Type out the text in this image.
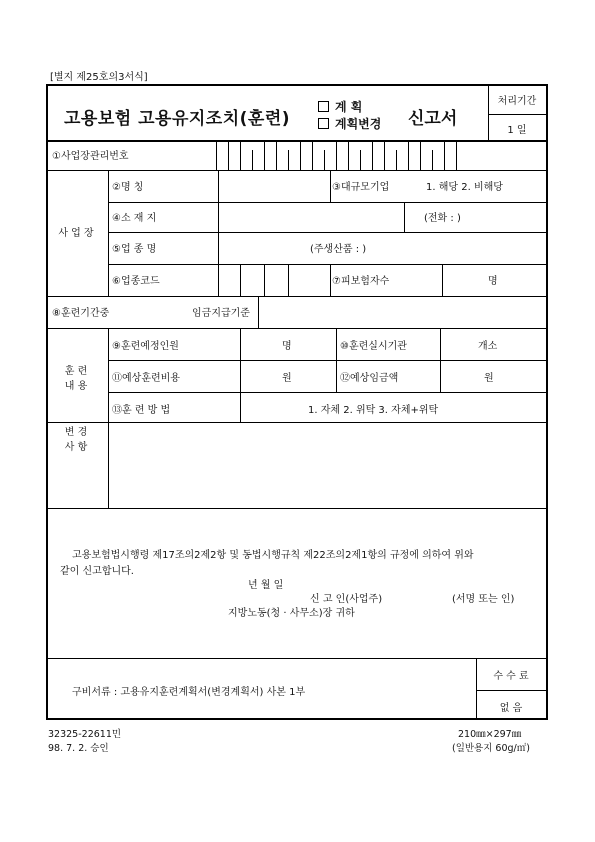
[별지 제25호의3서식]
고용보험 고용유지조치(훈련)
계 획
계획변경 신고서
처리기간
1 일
①사업장관리번호
사 업 장
②명 칭	③대규모기업	1. 해당 2. 비해당
④소 재 지	(전화 : )
⑤업 종 명	(주생산품 : )
⑥업종코드	⑦피보험자수	명
⑧훈련기간중	임금지급기준
훈 련
내 용
⑨훈련예정인원	명	⑩훈련실시기관	개소
⑪예상훈련비용	원	⑫예상임금액	원
⑬훈 련 방 법	1. 자체 2. 위탁 3. 자체+위탁
변 경
사 항
고용보험법시행령 제17조의2제2항 및 동법시행규칙 제22조의2제1항의 규정에 의하여 위와
같이 신고합니다.
년 월 일
신 고 인(사업주)	(서명 또는 인)
지방노동(청 · 사무소)장 귀하
구비서류 : 고용유지훈련계획서(변경계획서) 사본 1부
수 수 료
없 음
32325-22611민
98. 7. 2. 승인
210㎜×297㎜
(일반용지 60g/㎡)
